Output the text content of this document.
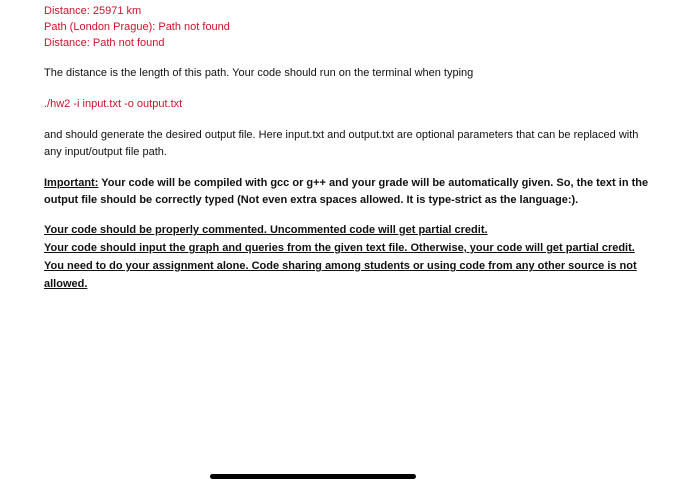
Distance: 25971 km
Path (London Prague): Path not found
Distance: Path not found
The distance is the length of this path. Your code should run on the terminal when typing
./hw2 -i input.txt -o output.txt
and should generate the desired output file. Here input.txt and output.txt are optional parameters that can be replaced with any input/output file path.
Important: Your code will be compiled with gcc or g++ and your grade will be automatically given. So, the text in the output file should be correctly typed (Not even extra spaces allowed. It is type-strict as the language:).
Your code should be properly commented. Uncommented code will get partial credit.
Your code should input the graph and queries from the given text file. Otherwise, your code will get partial credit.
You need to do your assignment alone. Code sharing among students or using code from any other source is not allowed.
